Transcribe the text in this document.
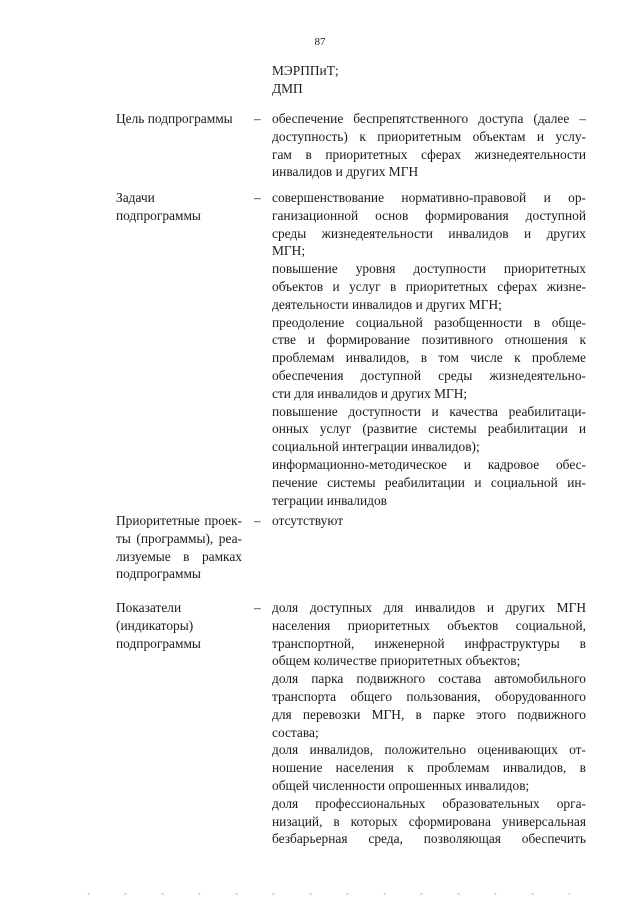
87
МЭРППиТ;
ДМП
Цель подпрограммы	– обеспечение беспрепятственного доступа (далее –
доступность) к приоритетным объектам и услу-
гам в приоритетных сферах жизнедеятельности
инвалидов и других МГН
Задачи
подпрограммы
– совершенствование нормативно-правовой и ор-
ганизационной основ формирования доступной
среды жизнедеятельности инвалидов и других
МГН;
повышение уровня доступности приоритетных
объектов и услуг в приоритетных сферах жизне-
деятельности инвалидов и других МГН;
преодоление социальной разобщенности в обще-
стве и формирование позитивного отношения к
проблемам инвалидов, в том числе к проблеме
обеспечения доступной среды жизнедеятельно-
сти для инвалидов и других МГН;
повышение доступности и качества реабилитаци-
онных услуг (развитие системы реабилитации и
социальной интеграции инвалидов);
информационно-методическое и кадровое обес-
печение системы реабилитации и социальной ин-
теграции инвалидов
Приоритетные проек-
ты (программы), реа-
лизуемые в рамках
подпрограммы
– отсутствуют
Показатели
(индикаторы)
подпрограммы
– доля доступных для инвалидов и других МГН
населения приоритетных объектов социальной,
транспортной, инженерной инфраструктуры в
общем количестве приоритетных объектов;
доля парка подвижного состава автомобильного
транспорта общего пользования, оборудованного
для перевозки МГН, в парке этого подвижного
состава;
доля инвалидов, положительно оценивающих от-
ношение населения к проблемам инвалидов, в
общей численности опрошенных инвалидов;
доля профессиональных образовательных орга-
низаций, в которых сформирована универсальная
безбарьерная среда, позволяющая обеспечить
